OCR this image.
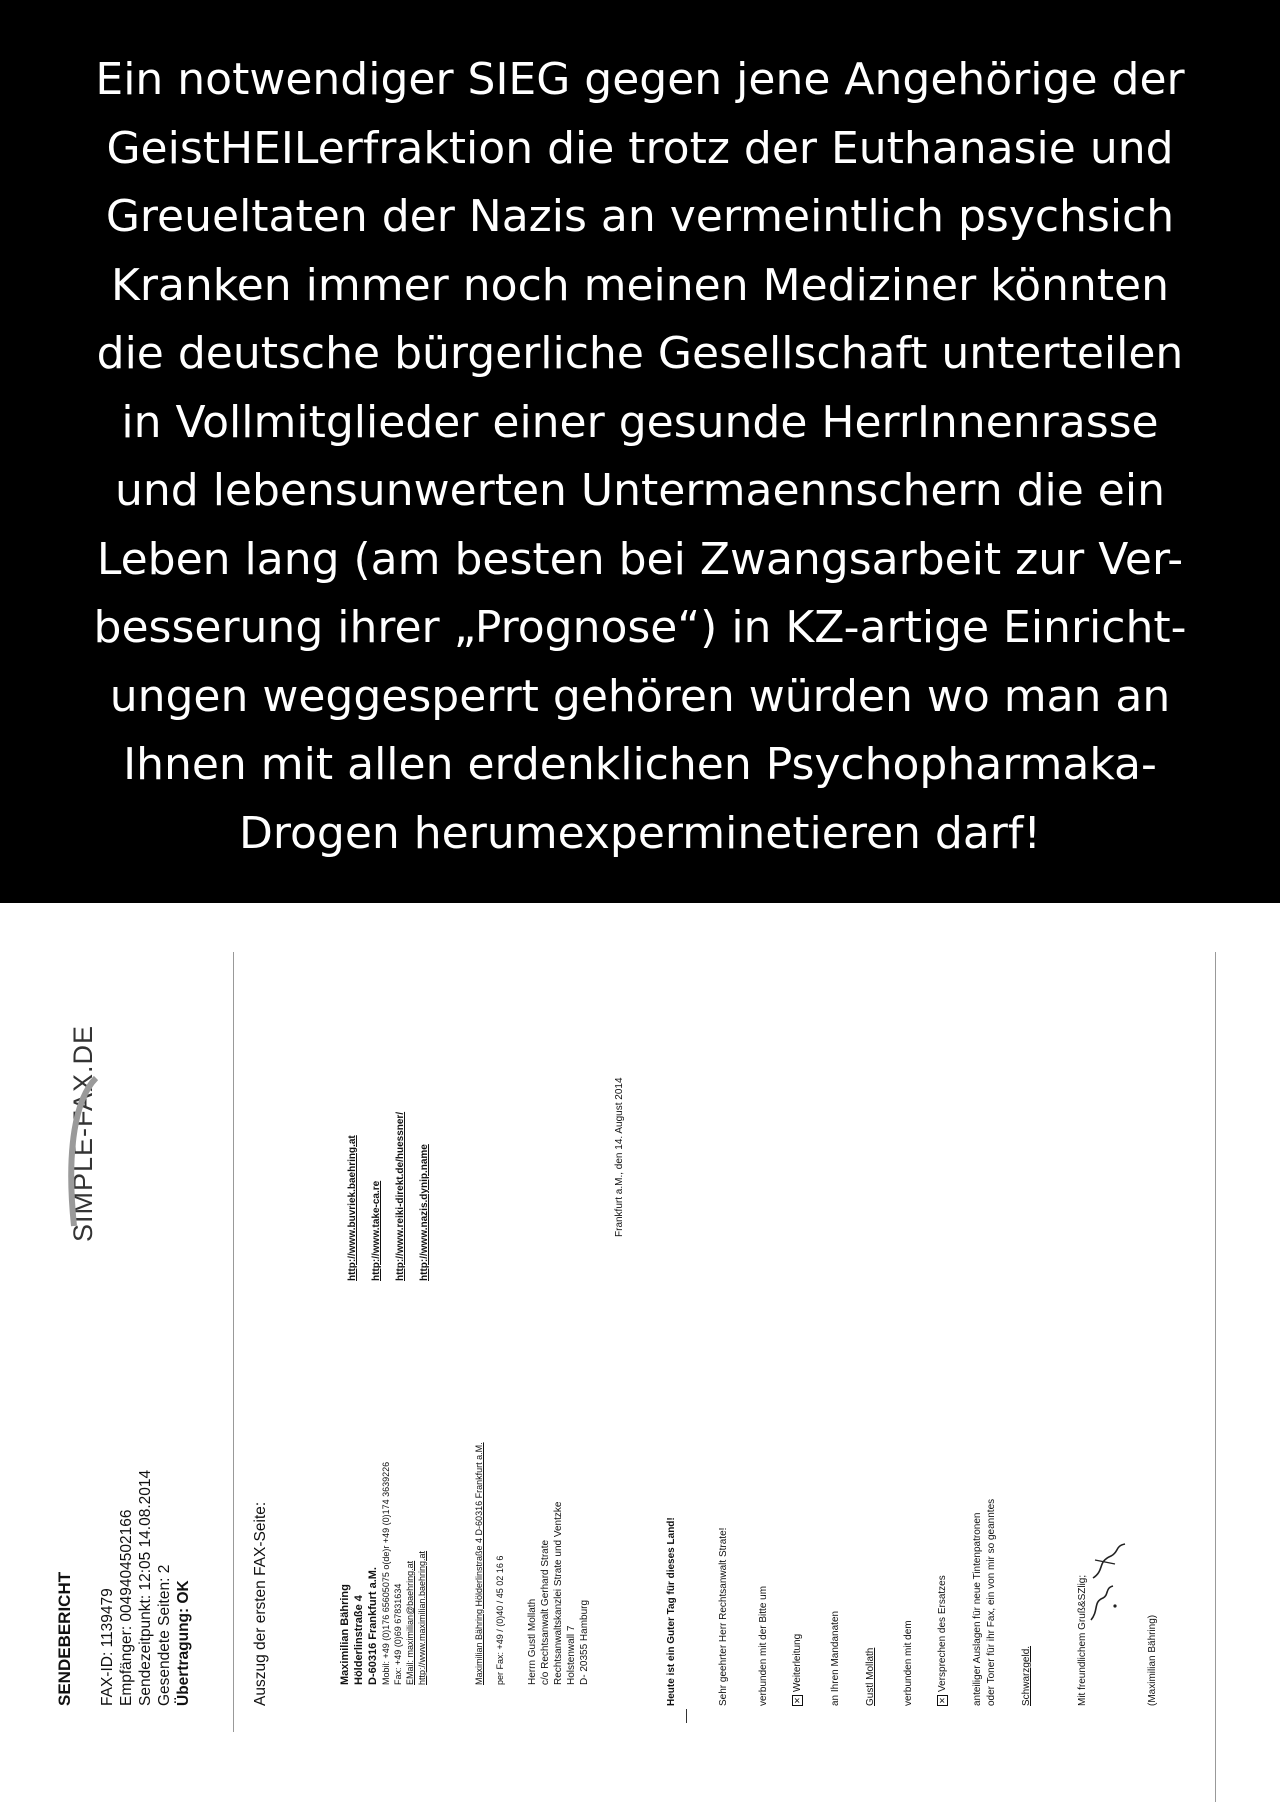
Ein notwendiger SIEG gegen jene Angehörige der
GeistHEILerfraktion die trotz der Euthanasie und
Greueltaten der Nazis an vermeintlich psychsich
Kranken immer noch meinen Mediziner könnten
die deutsche bürgerliche Gesellschaft unterteilen
in Vollmitglieder einer gesunde HerrInnenrasse
und lebensunwerten Untermaennschern die ein
Leben lang (am besten bei Zwangsarbeit zur Ver-
besserung ihrer „Prognose“) in KZ-artige Einricht-
ungen weggesperrt gehören würden wo man an
Ihnen mit allen erdenklichen Psychopharmaka-
Drogen herumexperminetieren darf!
SIMPLE-FAX.DE
SENDEBERICHT FAX-ID: 1139479 Empfänger: 004940450216​6 Sendezeitpunkt: 12:05 14.08.2014 Gesendete Seiten: 2 Übertragung: OK	Auszug der ersten FAX-Seite:	Maximilian Bähring Hölderlinstraße 4 D-60316 Frankfurt a.M. Mobil: +49 (0)176 65605075 o(de)r +49 (0)174 3639226 Fax: +49 (0)69 67831634 EMail: maximilian@baehring.at http://www.maximilian.baehring.at
http://www.buvriek.baehring.at http://www.take-ca.re http://www.reiki-direkt.de/huessner/ http://www.nazis.dynip.name
Maximilian Bähring Hölderlinstraße 4 D-60316 Frankfurt a.M. per Fax: +49 / (0)40 / 45 02 16 6 Herrn Gustl Mollath c/o Rechtsanwalt Gerhard Strate Rechtsanwaltskanzlei Strate und Ventzke Holstenwall 7 D- 20355 Hamburg
Frankfurt a.M., den 14. August 2014
Heute ist ein Guter Tag für dieses Land!	Sehr geehrter Herr Rechtsanwalt Strate!	verbunden mit der Bitte um	✕Weiterleitung	an Ihren Mandanaten Gustl Mollath	verbunden mit dem	✕Versprechen des Ersatzes anteiliger Auslagen für neue Tintenpatronen oder Toner für ihr Fax, ein von mir so geanntes Schwarzgeld.	Mit freundlichem Gruß&SZlig;	(Maximilian Bähring)
